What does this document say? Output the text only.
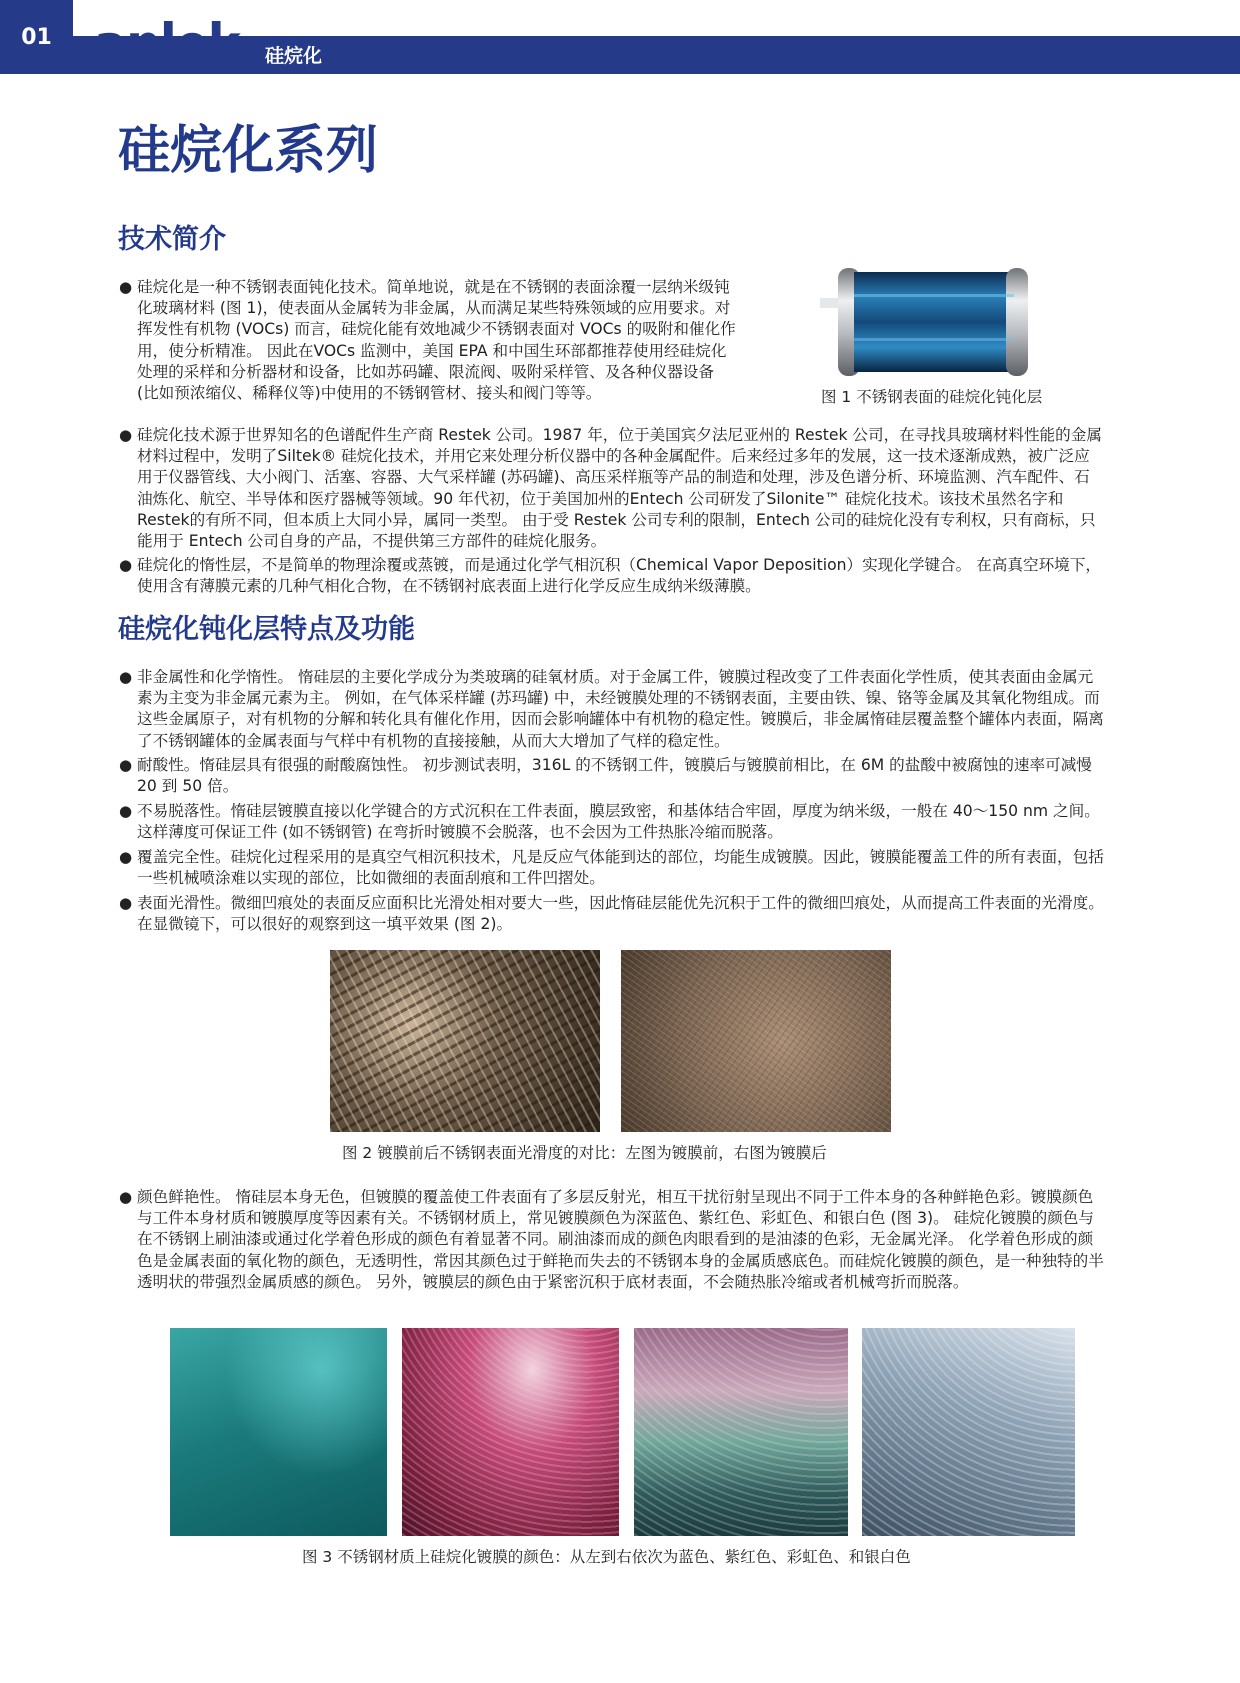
01 anlok 硅烷化
硅烷化系列
技术简介
● 硅烷化是一种不锈钢表面钝化技术。简单地说，就是在不锈钢的表面涂覆一层纳米级钝化玻璃材料 (图 1)，使表面从金属转为非金属，从而满足某些特殊领域的应用要求。对挥发性有机物 (VOCs) 而言，硅烷化能有效地减少不锈钢表面对 VOCs 的吸附和催化作用，使分析精准。 因此在VOCs 监测中，美国 EPA 和中国生环部都推荐使用经硅烷化处理的采样和分析器材和设备，比如苏码罐、限流阀、吸附采样管、及各种仪器设备 (比如预浓缩仪、稀释仪等)中使用的不锈钢管材、接头和阀门等等。	图 1 不锈钢表面的硅烷化钝化层
● 硅烷化技术源于世界知名的色谱配件生产商 Restek 公司。1987 年，位于美国宾夕法尼亚州的 Restek 公司，在寻找具玻璃材料性能的金属材料过程中，发明了Siltek® 硅烷化技术，并用它来处理分析仪器中的各种金属配件。后来经过多年的发展，这一技术逐渐成熟，被广泛应用于仪器管线、大小阀门、活塞、容器、大气采样罐 (苏码罐)、高压采样瓶等产品的制造和处理，涉及色谱分析、环境监测、汽车配件、石油炼化、航空、半导体和医疗器械等领域。90 年代初，位于美国加州的Entech 公司研发了Silonite™ 硅烷化技术。该技术虽然名字和Restek的有所不同，但本质上大同小异，属同一类型。 由于受 Restek 公司专利的限制，Entech 公司的硅烷化没有专利权，只有商标，只能用于 Entech 公司自身的产品，不提供第三方部件的硅烷化服务。
● 硅烷化的惰性层，不是简单的物理涂覆或蒸镀，而是通过化学气相沉积（Chemical Vapor Deposition）实现化学键合。 在高真空环境下，使用含有薄膜元素的几种气相化合物，在不锈钢衬底表面上进行化学反应生成纳米级薄膜。
硅烷化钝化层特点及功能
● 非金属性和化学惰性。 惰硅层的主要化学成分为类玻璃的硅氧材质。对于金属工件，镀膜过程改变了工件表面化学性质，使其表面由金属元素为主变为非金属元素为主。 例如，在气体采样罐 (苏玛罐) 中，未经镀膜处理的不锈钢表面，主要由铁、镍、铬等金属及其氧化物组成。而这些金属原子，对有机物的分解和转化具有催化作用，因而会影响罐体中有机物的稳定性。镀膜后，非金属惰硅层覆盖整个罐体内表面，隔离了不锈钢罐体的金属表面与气样中有机物的直接接触，从而大大增加了气样的稳定性。
● 耐酸性。惰硅层具有很强的耐酸腐蚀性。 初步测试表明，316L 的不锈钢工件，镀膜后与镀膜前相比，在 6M 的盐酸中被腐蚀的速率可减慢 20 到 50 倍。
● 不易脱落性。惰硅层镀膜直接以化学键合的方式沉积在工件表面，膜层致密，和基体结合牢固，厚度为纳米级，一般在 40～150 nm 之间。这样薄度可保证工件 (如不锈钢管) 在弯折时镀膜不会脱落，也不会因为工件热胀冷缩而脱落。
● 覆盖完全性。硅烷化过程采用的是真空气相沉积技术，凡是反应气体能到达的部位，均能生成镀膜。因此，镀膜能覆盖工件的所有表面，包括一些机械喷涂难以实现的部位，比如微细的表面刮痕和工件凹摺处。
● 表面光滑性。微细凹痕处的表面反应面积比光滑处相对要大一些，因此惰硅层能优先沉积于工件的微细凹痕处，从而提高工件表面的光滑度。在显微镜下，可以很好的观察到这一填平效果 (图 2)。
图 2 镀膜前后不锈钢表面光滑度的对比：左图为镀膜前，右图为镀膜后
● 颜色鲜艳性。 惰硅层本身无色，但镀膜的覆盖使工件表面有了多层反射光，相互干扰衍射呈现出不同于工件本身的各种鲜艳色彩。镀膜颜色与工件本身材质和镀膜厚度等因素有关。不锈钢材质上，常见镀膜颜色为深蓝色、紫红色、彩虹色、和银白色 (图 3)。 硅烷化镀膜的颜色与在不锈钢上刷油漆或通过化学着色形成的颜色有着显著不同。刷油漆而成的颜色肉眼看到的是油漆的色彩，无金属光泽。 化学着色形成的颜色是金属表面的氧化物的颜色，无透明性，常因其颜色过于鲜艳而失去的不锈钢本身的金属质感底色。而硅烷化镀膜的颜色，是一种独特的半透明状的带强烈金属质感的颜色。 另外，镀膜层的颜色由于紧密沉积于底材表面，不会随热胀冷缩或者机械弯折而脱落。
图 3 不锈钢材质上硅烷化镀膜的颜色：从左到右依次为蓝色、紫红色、彩虹色、和银白色
